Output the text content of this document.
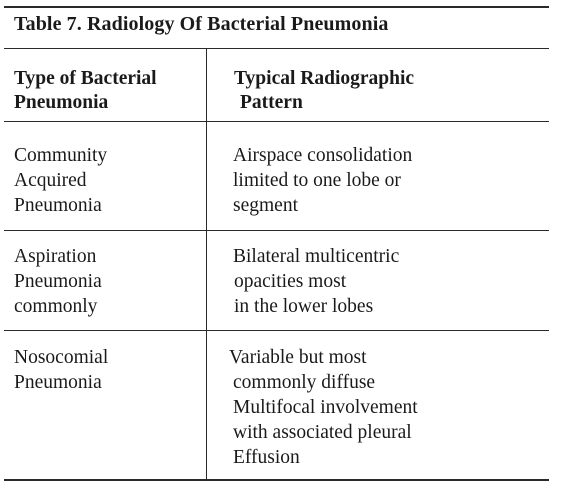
Table 7. Radiology Of Bacterial Pneumonia
Type of Bacterial
Pneumonia
Typical Radiographic
Pattern
Community
Acquired
Pneumonia
Airspace consolidation
limited to one lobe or
segment
Aspiration
Pneumonia
commonly
Bilateral multicentric
opacities most
in the lower lobes
Nosocomial
Pneumonia
Variable but most
commonly diffuse
Multifocal involvement
with associated pleural
Effusion
